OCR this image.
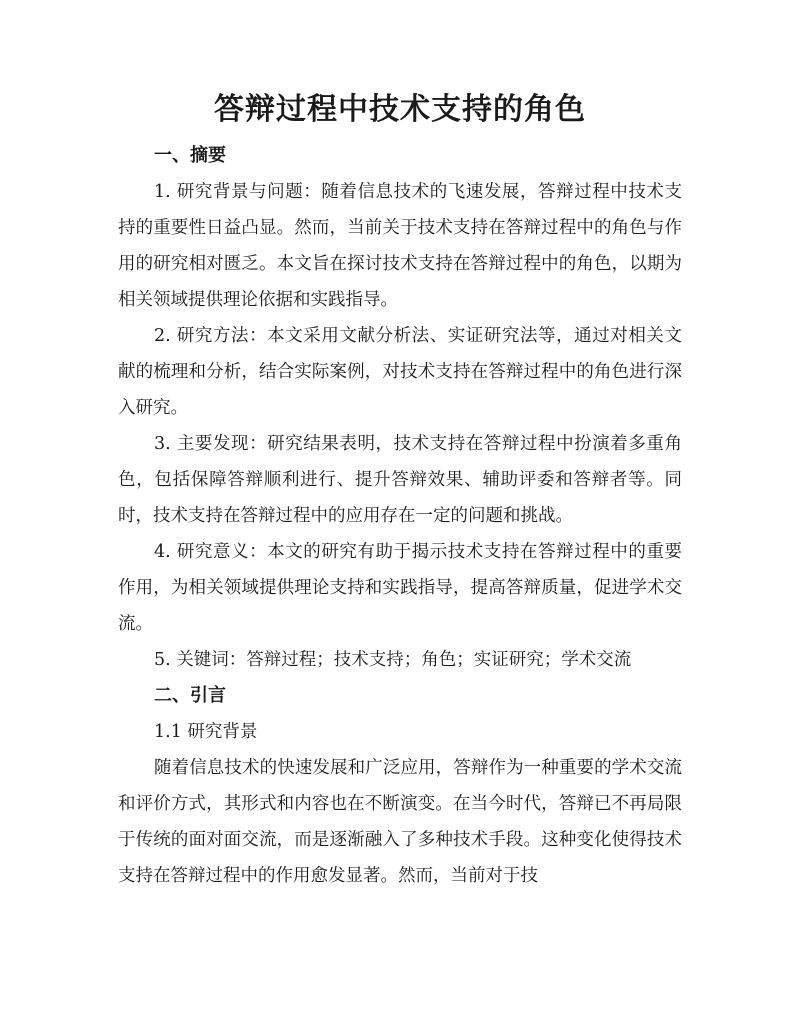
答辩过程中技术支持的角色
一、摘要

1. 研究背景与问题：随着信息技术的飞速发展，答辩过程中技术支持的重要性日益凸显。然而，当前关于技术支持在答辩过程中的角色与作用的研究相对匮乏。本文旨在探讨技术支持在答辩过程中的角色，以期为相关领域提供理论依据和实践指导。

2. 研究方法：本文采用文献分析法、实证研究法等，通过对相关文献的梳理和分析，结合实际案例，对技术支持在答辩过程中的角色进行深入研究。

3. 主要发现：研究结果表明，技术支持在答辩过程中扮演着多重角色，包括保障答辩顺利进行、提升答辩效果、辅助评委和答辩者等。同时，技术支持在答辩过程中的应用存在一定的问题和挑战。

4. 研究意义：本文的研究有助于揭示技术支持在答辩过程中的重要作用，为相关领域提供理论支持和实践指导，提高答辩质量，促进学术交流。

5. 关键词：答辩过程；技术支持；角色；实证研究；学术交流

二、引言

1.1 研究背景

随着信息技术的快速发展和广泛应用，答辩作为一种重要的学术交流和评价方式，其形式和内容也在不断演变。在当今时代，答辩已不再局限于传统的面对面交流，而是逐渐融入了多种技术手段。这种变化使得技术支持在答辩过程中的作用愈发显著。然而，当前对于技
